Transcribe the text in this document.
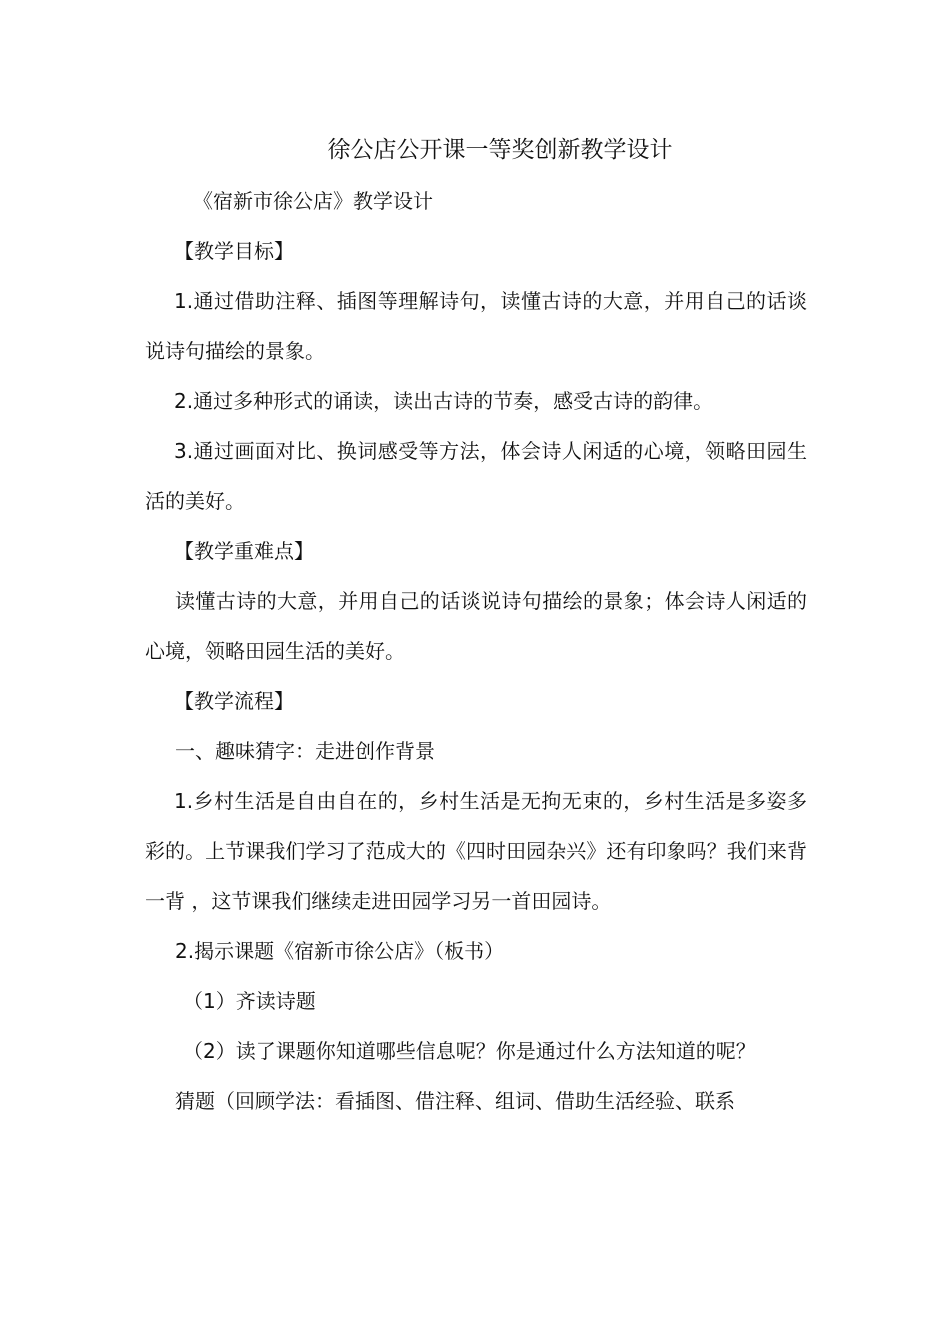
徐公店公开课一等奖创新教学设计

《宿新市徐公店》教学设计

【教学目标】

1.通过借助注释、插图等理解诗句，读懂古诗的大意，并用自己的话谈说诗句描绘的景象。

2.通过多种形式的诵读，读出古诗的节奏，感受古诗的韵律。

3.通过画面对比、换词感受等方法，体会诗人闲适的心境，领略田园生活的美好。

【教学重难点】

读懂古诗的大意，并用自己的话谈说诗句描绘的景象；体会诗人闲适的心境，领略田园生活的美好。

【教学流程】

一、趣味猜字：走进创作背景

1.乡村生活是自由自在的，乡村生活是无拘无束的，乡村生活是多姿多彩的。上节课我们学习了范成大的《四时田园杂兴》还有印象吗？我们来背一背 ，这节课我们继续走进田园学习另一首田园诗。

2.揭示课题《宿新市徐公店》（板书）

（1）齐读诗题

（2）读了课题你知道哪些信息呢？你是通过什么方法知道的呢？

猜题（回顾学法：看插图、借注释、组词、借助生活经验、联系
